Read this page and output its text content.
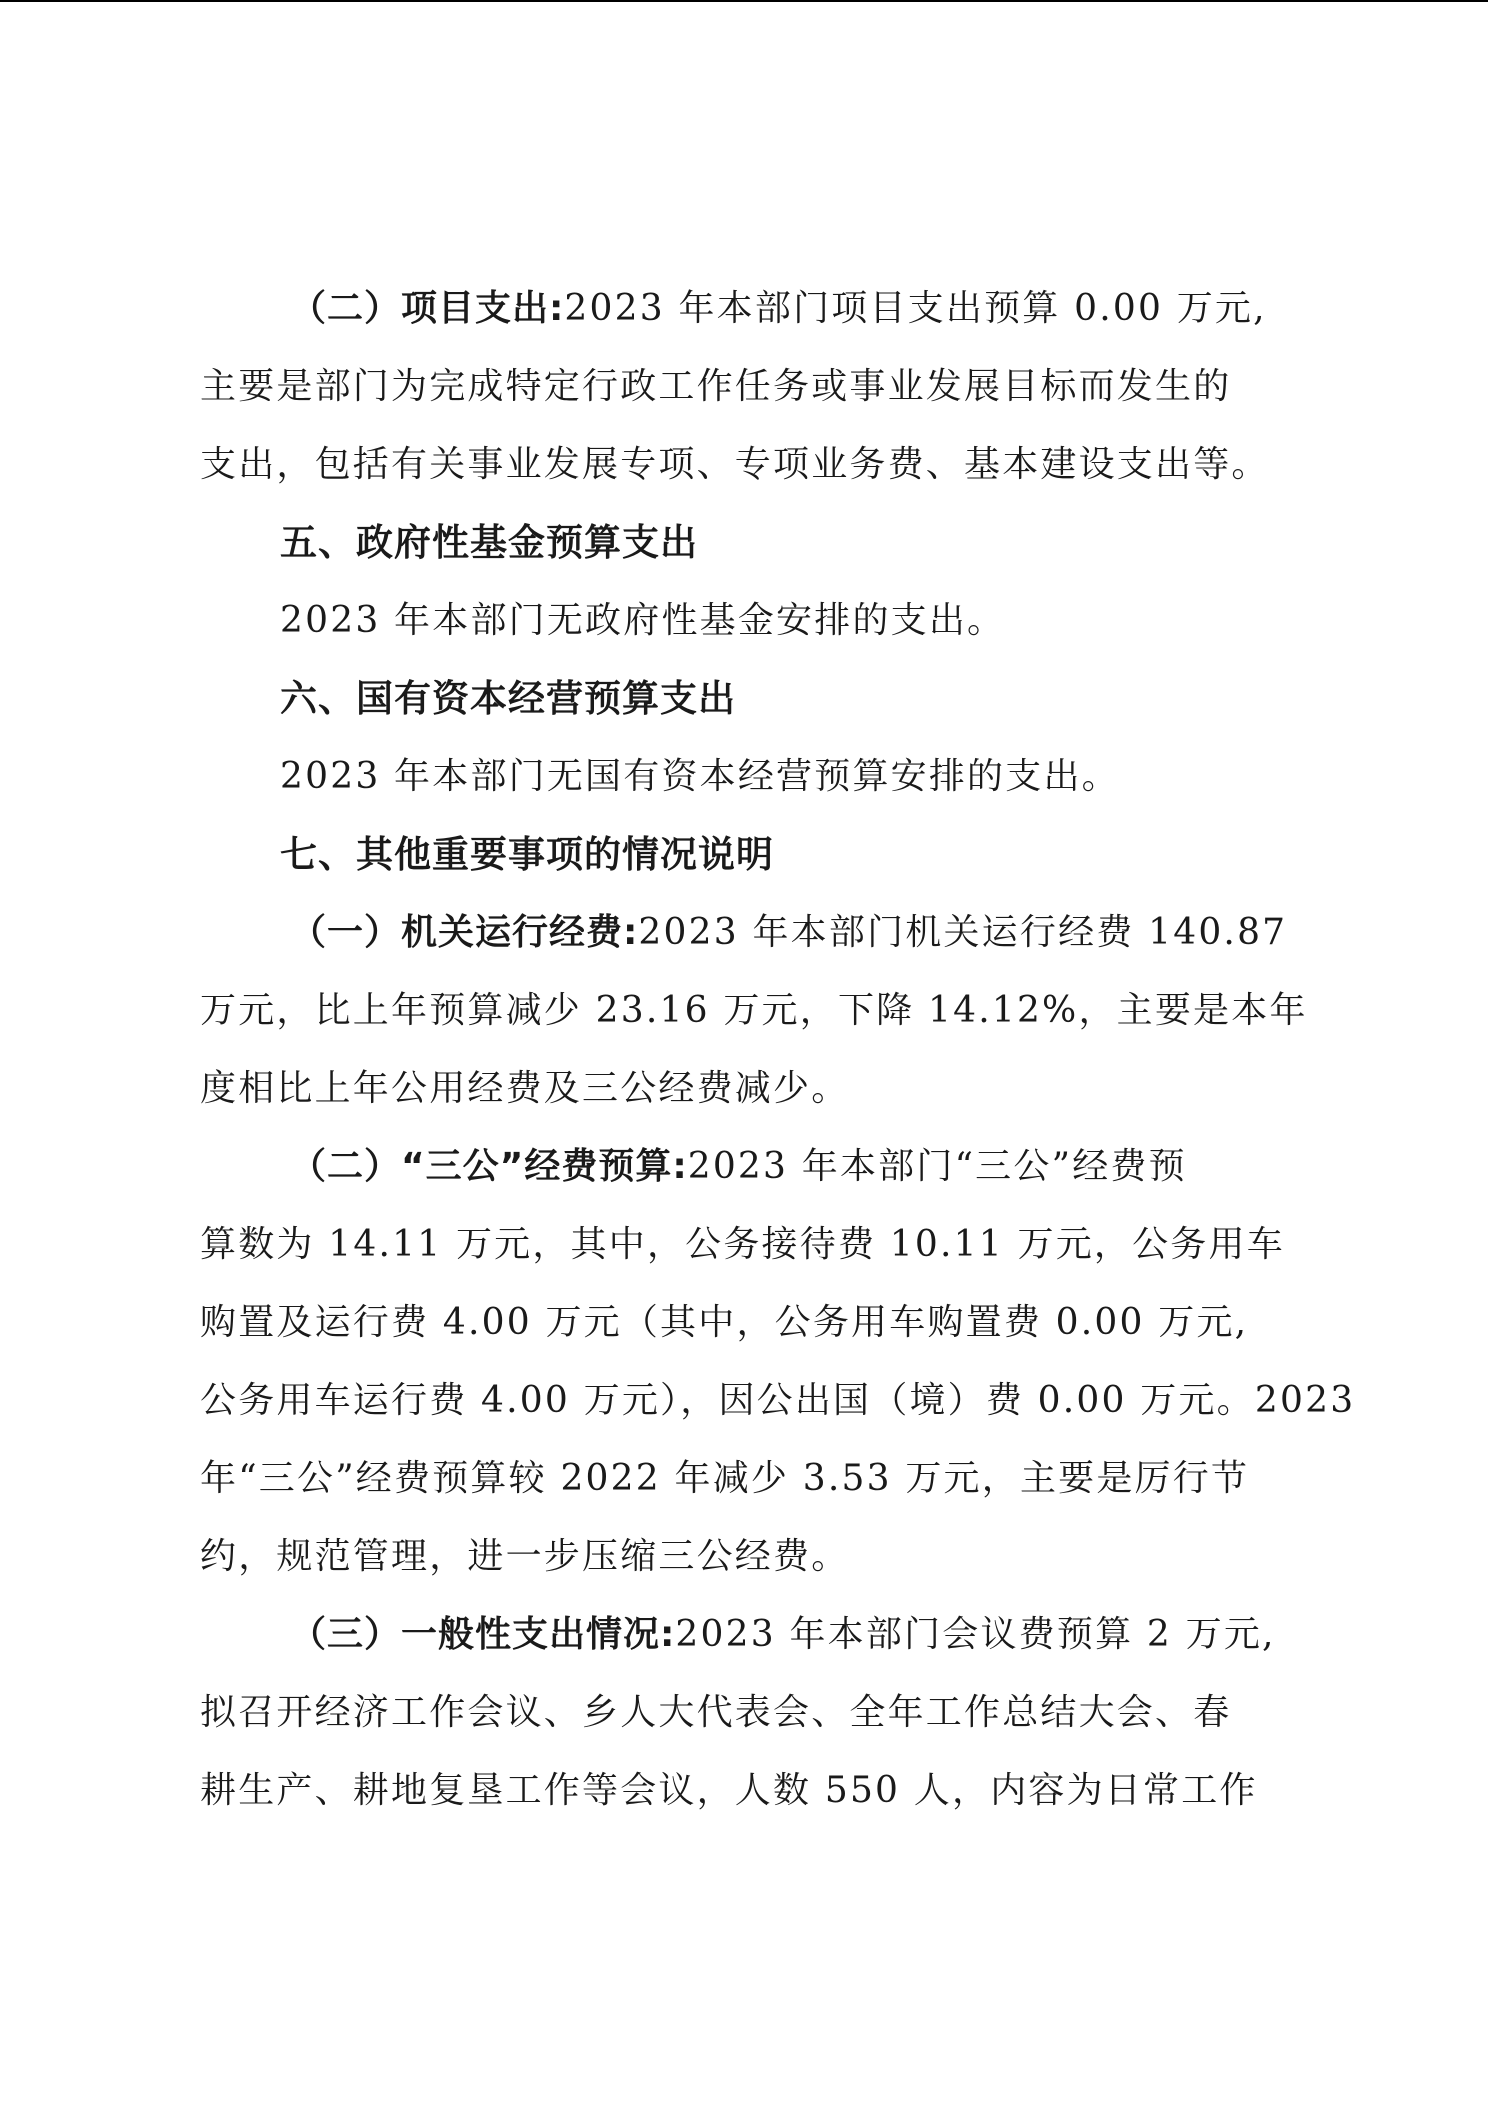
（二）项目支出:2023 年本部门项目支出预算 0.00 万元,
主要是部门为完成特定行政工作任务或事业发展目标而发生的
支出，包括有关事业发展专项、专项业务费、基本建设支出等。
五、政府性基金预算支出
2023 年本部门无政府性基金安排的支出。
六、国有资本经营预算支出
2023 年本部门无国有资本经营预算安排的支出。
七、其他重要事项的情况说明
（一）机关运行经费:2023 年本部门机关运行经费 140.87
万元，比上年预算减少 23.16 万元，下降 14.12%，主要是本年
度相比上年公用经费及三公经费减少。
（二）“三公”经费预算:2023 年本部门“三公”经费预
算数为 14.11 万元，其中，公务接待费 10.11 万元，公务用车
购置及运行费 4.00 万元（其中，公务用车购置费 0.00 万元,
公务用车运行费 4.00 万元），因公出国（境）费 0.00 万元。2023
年“三公”经费预算较 2022 年减少 3.53 万元，主要是厉行节
约，规范管理，进一步压缩三公经费。
（三）一般性支出情况:2023 年本部门会议费预算 2 万元,
拟召开经济工作会议、乡人大代表会、全年工作总结大会、春
耕生产、耕地复垦工作等会议，人数 550 人，内容为日常工作
